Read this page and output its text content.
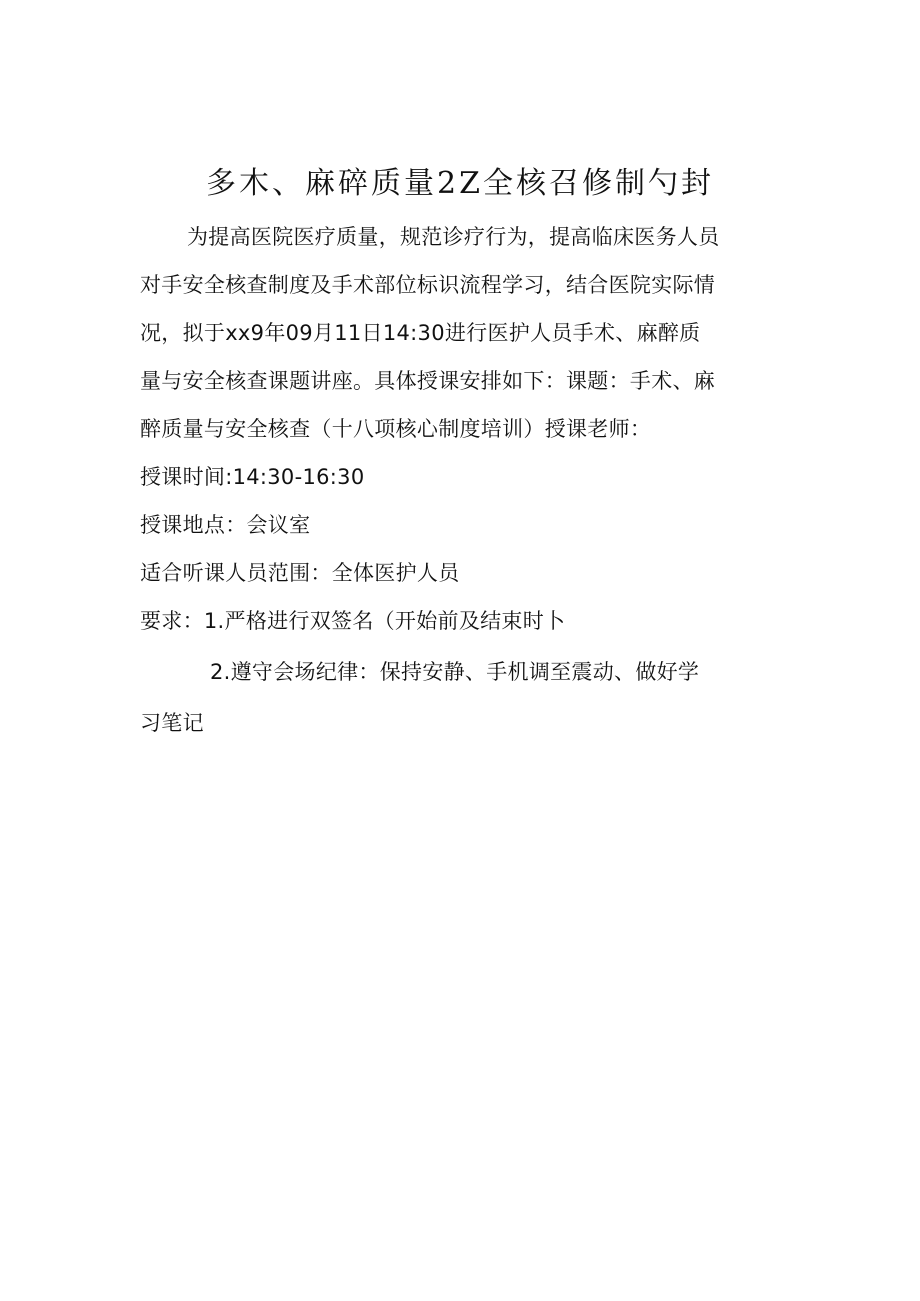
多木、麻碎质量2Z全核召修制勺封
为提高医院医疗质量，规范诊疗行为，提高临床医务人员
对手安全核查制度及手术部位标识流程学习，结合医院实际情
况，拟于xx9年09月11日14:30进行医护人员手术、麻醉质
量与安全核查课题讲座。具体授课安排如下：课题：手术、麻
醉质量与安全核查（十八项核心制度培训）授课老师：
授课时间:14:30-16:30
授课地点：会议室
适合听课人员范围：全体医护人员
要求：1.严格进行双签名（开始前及结束时卜
2.遵守会场纪律：保持安静、手机调至震动、做好学
习笔记
